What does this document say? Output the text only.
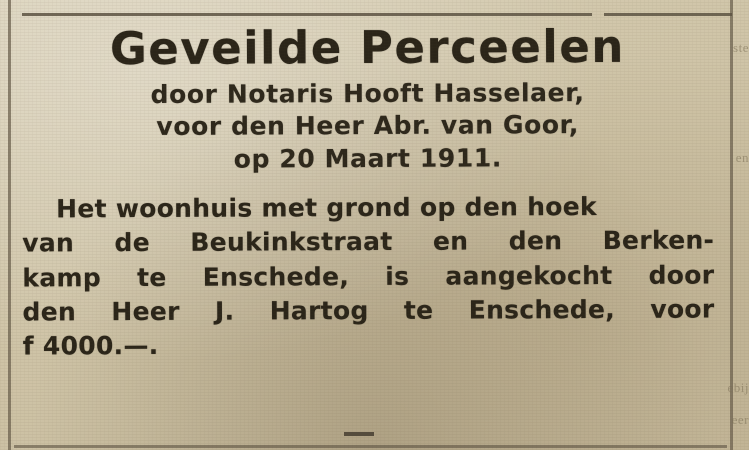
ste
en
ebij
eer
Geveilde Perceelen

door Notaris Hooft Hasselaer,

voor den Heer Abr. van Goor,

op 20 Maart 1911.

Het woonhuis met grond op den hoek

van de Beukinkstraat en den Berken-

kamp te Enschede, is aangekocht door

den Heer J. Hartog te Enschede, voor

f 4000.—.
